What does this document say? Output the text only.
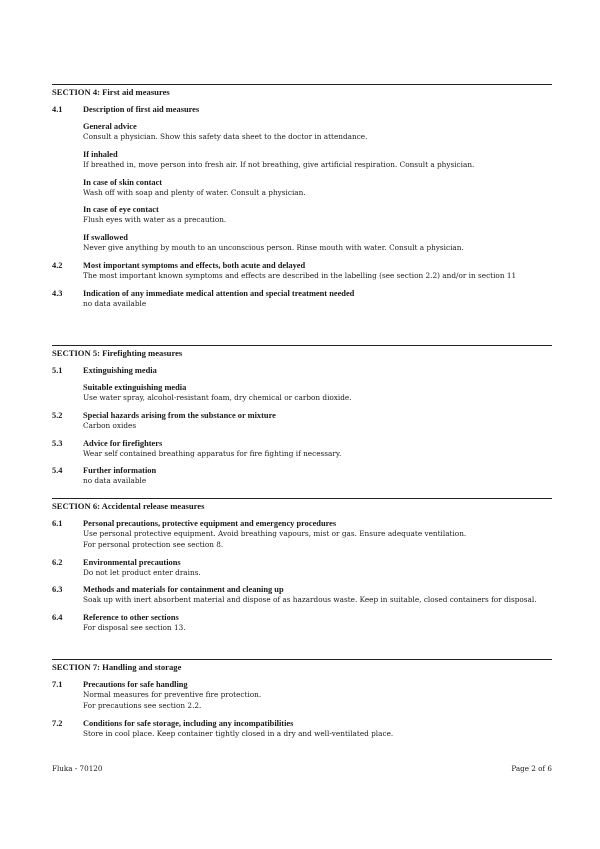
SECTION 4: First aid measures
4.1 Description of first aid measures
General advice
Consult a physician. Show this safety data sheet to the doctor in attendance.
If inhaled
If breathed in, move person into fresh air. If not breathing, give artificial respiration. Consult a physician.
In case of skin contact
Wash off with soap and plenty of water. Consult a physician.
In case of eye contact
Flush eyes with water as a precaution.
If swallowed
Never give anything by mouth to an unconscious person. Rinse mouth with water. Consult a physician.
4.2 Most important symptoms and effects, both acute and delayed
The most important known symptoms and effects are described in the labelling (see section 2.2) and/or in section 11
4.3 Indication of any immediate medical attention and special treatment needed
no data available
SECTION 5: Firefighting measures
5.1 Extinguishing media
Suitable extinguishing media
Use water spray, alcohol-resistant foam, dry chemical or carbon dioxide.
5.2 Special hazards arising from the substance or mixture
Carbon oxides
5.3 Advice for firefighters
Wear self contained breathing apparatus for fire fighting if necessary.
5.4 Further information
no data available
SECTION 6: Accidental release measures
6.1 Personal precautions, protective equipment and emergency procedures
Use personal protective equipment. Avoid breathing vapours, mist or gas. Ensure adequate ventilation.
For personal protection see section 8.
6.2 Environmental precautions
Do not let product enter drains.
6.3 Methods and materials for containment and cleaning up
Soak up with inert absorbent material and dispose of as hazardous waste. Keep in suitable, closed containers for disposal.
6.4 Reference to other sections
For disposal see section 13.
SECTION 7: Handling and storage
7.1 Precautions for safe handling
Normal measures for preventive fire protection.
For precautions see section 2.2.
7.2 Conditions for safe storage, including any incompatibilities
Store in cool place. Keep container tightly closed in a dry and well-ventilated place.
Fluka - 70120	Page 2 of 6
